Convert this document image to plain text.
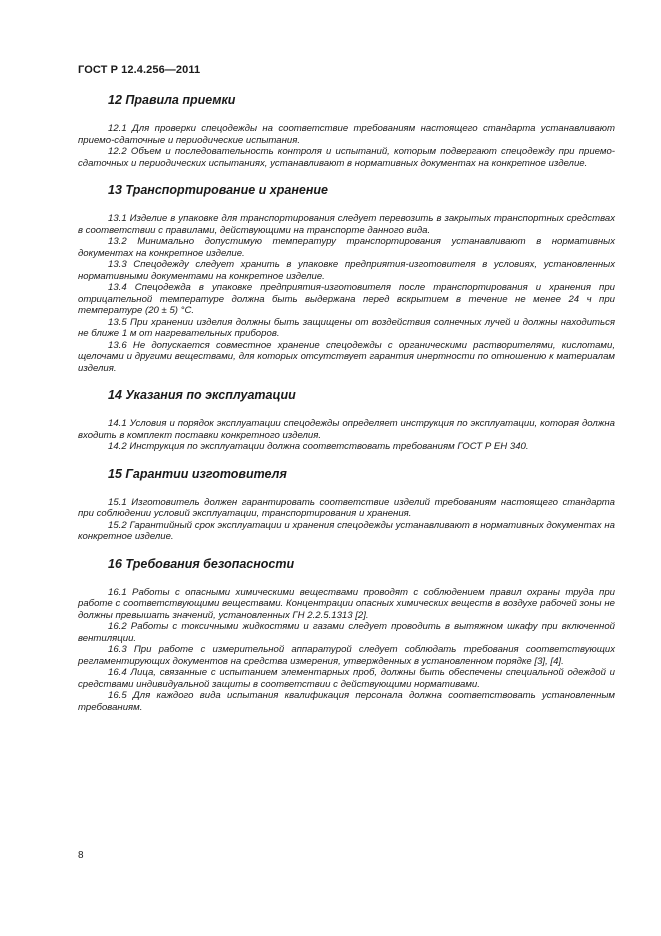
ГОСТ Р 12.4.256—2011
12 Правила приемки

12.1 Для проверки спецодежды на соответствие требованиям настоящего стандарта устанавливают приемо-сдаточные и периодические испытания.

12.2 Объем и последовательность контроля и испытаний, которым подвергают спецодежду при приемо-сдаточных и периодических испытаниях, устанавливают в нормативных документах на конкретное изделие.

13 Транспортирование и хранение

13.1 Изделие в упаковке для транспортирования следует перевозить в закрытых транспортных средствах в соответствии с правилами, действующими на транспорте данного вида.

13.2 Минимально допустимую температуру транспортирования устанавливают в нормативных документах на конкретное изделие.

13.3 Спецодежду следует хранить в упаковке предприятия-изготовителя в условиях, установленных нормативными документами на конкретное изделие.

13.4 Спецодежда в упаковке предприятия-изготовителя после транспортирования и хранения при отрицательной температуре должна быть выдержана перед вскрытием в течение не менее 24 ч при температуре (20 ± 5) °С.

13.5 При хранении изделия должны быть защищены от воздействия солнечных лучей и должны находиться не ближе 1 м от нагревательных приборов.

13.6 Не допускается совместное хранение спецодежды с органическими растворителями, кислотами, щелочами и другими веществами, для которых отсутствует гарантия инертности по отношению к материалам изделия.

14 Указания по эксплуатации

14.1 Условия и порядок эксплуатации спецодежды определяет инструкция по эксплуатации, которая должна входить в комплект поставки конкретного изделия.

14.2 Инструкция по эксплуатации должна соответствовать требованиям ГОСТ Р ЕН 340.

15 Гарантии изготовителя

15.1 Изготовитель должен гарантировать соответствие изделий требованиям настоящего стандарта при соблюдении условий эксплуатации, транспортирования и хранения.

15.2 Гарантийный срок эксплуатации и хранения спецодежды устанавливают в нормативных документах на конкретное изделие.

16 Требования безопасности

16.1 Работы с опасными химическими веществами проводят с соблюдением правил охраны труда при работе с соответствующими веществами. Концентрации опасных химических веществ в воздухе рабочей зоны не должны превышать значений, установленных ГН 2.2.5.1313 [2].

16.2 Работы с токсичными жидкостями и газами следует проводить в вытяжном шкафу при включенной вентиляции.

16.3 При работе с измерительной аппаратурой следует соблюдать требования соответствующих регламентирующих документов на средства измерения, утвержденных в установленном порядке [3], [4].

16.4 Лица, связанные с испытанием элементарных проб, должны быть обеспечены специальной одеждой и средствами индивидуальной защиты в соответствии с действующими нормативами.

16.5 Для каждого вида испытания квалификация персонала должна соответствовать установленным требованиям.

8
